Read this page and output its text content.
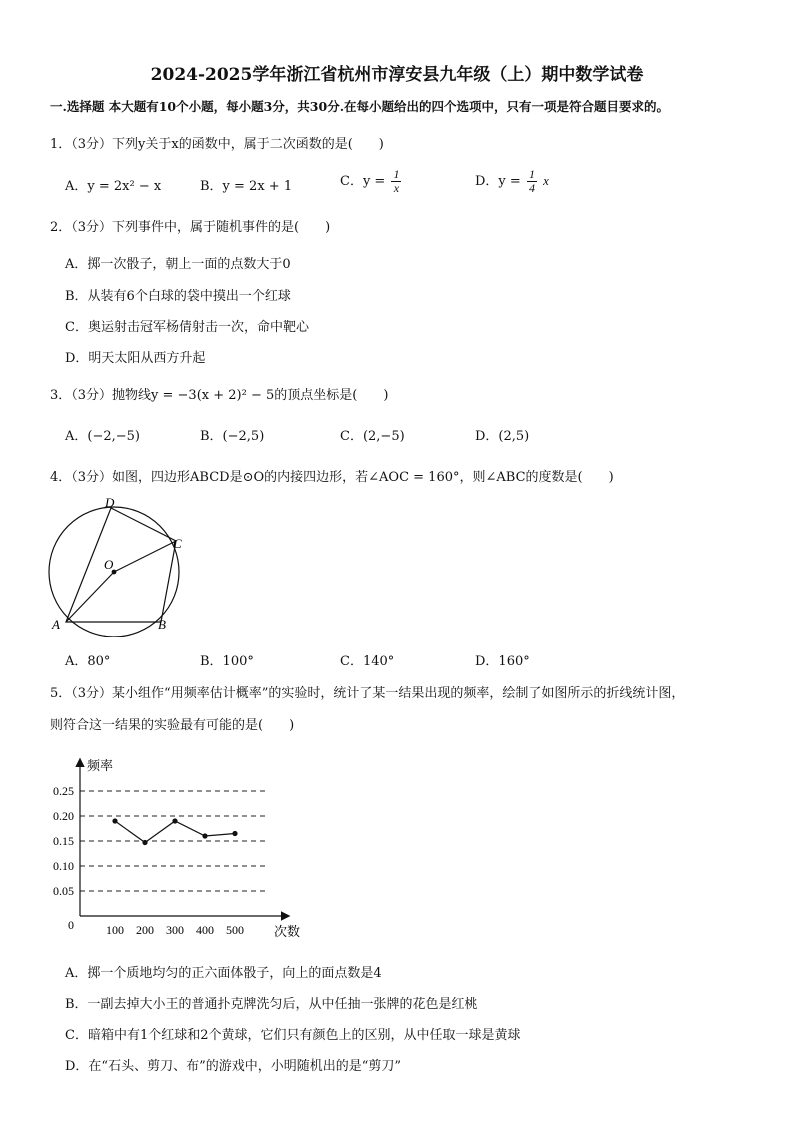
2024-2025学年浙江省杭州市淳安县九年级（上）期中数学试卷
一.选择题 本大题有10个小题，每小题3分，共30分.在每小题给出的四个选项中，只有一项是符合题目要求的。
1．（3分）下列y关于x的函数中，属于二次函数的是(　　)
A．y = 2x² − x	B．y = 2x + 1	C．$y = \frac{1}{x}$	D．$y = \frac{1}{4}$ x
2．（3分）下列事件中，属于随机事件的是(　　)
A．掷一次骰子，朝上一面的点数大于0
B．从装有6个白球的袋中摸出一个红球
C．奥运射击冠军杨倩射击一次，命中靶心
D．明天太阳从西方升起
3．（3分）抛物线y = −3(x + 2)² − 5的顶点坐标是(　　)
A．(−2,−5)	B．(−2,5)	C．(2,−5)	D．(2,5)
4．（3分）如图，四边形ABCD是⊙O的内接四边形，若∠AOC = 160°，则∠ABC的度数是(　　)
D
C
O
A	B
A．80°	B．100°	C．140°	D．160°
5．（3分）某小组作“用频率估计概率”的实验时，统计了某一结果出现的频率，绘制了如图所示的折线统计图，
则符合这一结果的实验最有可能的是(　　)
频率
次数
0
0.05
0.10
0.15
0.20
0.25
100 200 300 400 500
A．掷一个质地均匀的正六面体骰子，向上的面点数是4
B．一副去掉大小王的普通扑克牌洗匀后，从中任抽一张牌的花色是红桃
C．暗箱中有1个红球和2个黄球，它们只有颜色上的区别，从中任取一球是黄球
D．在“石头、剪刀、布”的游戏中，小明随机出的是“剪刀”
